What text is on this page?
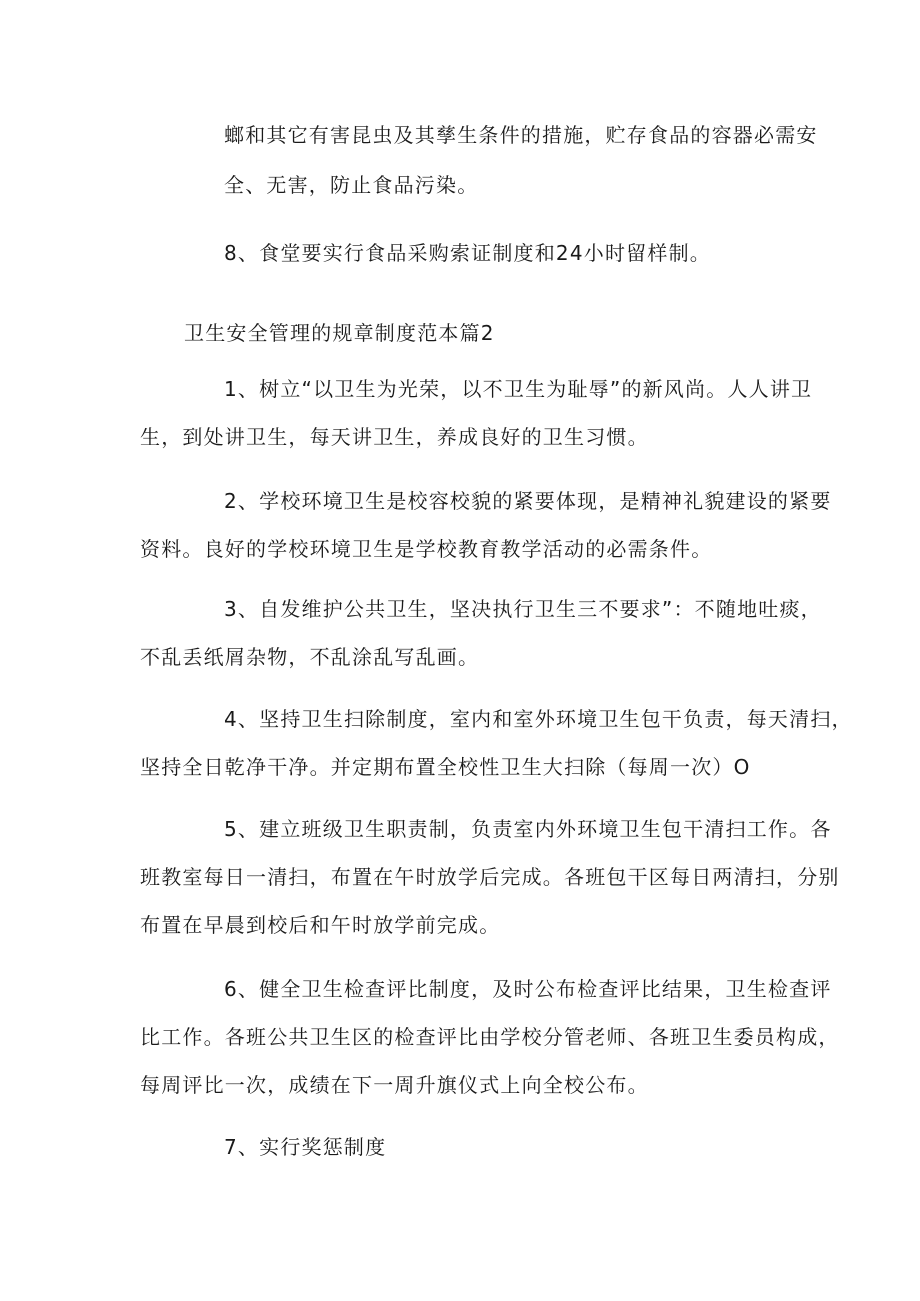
螂和其它有害昆虫及其孳生条件的措施，贮存食品的容器必需安
全、无害，防止食品污染。
8、食堂要实行食品采购索证制度和24小时留样制。
卫生安全管理的规章制度范本篇2
1、树立“以卫生为光荣，以不卫生为耻辱”的新风尚。人人讲卫
生，到处讲卫生，每天讲卫生，养成良好的卫生习惯。
2、学校环境卫生是校容校貌的紧要体现，是精神礼貌建设的紧要
资料。良好的学校环境卫生是学校教育教学活动的必需条件。
3、自发维护公共卫生，坚决执行卫生三不要求”：不随地吐痰，
不乱丢纸屑杂物，不乱涂乱写乱画。
4、坚持卫生扫除制度，室内和室外环境卫生包干负责，每天清扫，
坚持全日乾净干净。并定期布置全校性卫生大扫除（每周一次）O
5、建立班级卫生职责制，负责室内外环境卫生包干清扫工作。各
班教室每日一清扫，布置在午时放学后完成。各班包干区每日两清扫，分别
布置在早晨到校后和午时放学前完成。
6、健全卫生检查评比制度，及时公布检查评比结果，卫生检查评
比工作。各班公共卫生区的检查评比由学校分管老师、各班卫生委员构成，
每周评比一次，成绩在下一周升旗仪式上向全校公布。
7、实行奖惩制度
